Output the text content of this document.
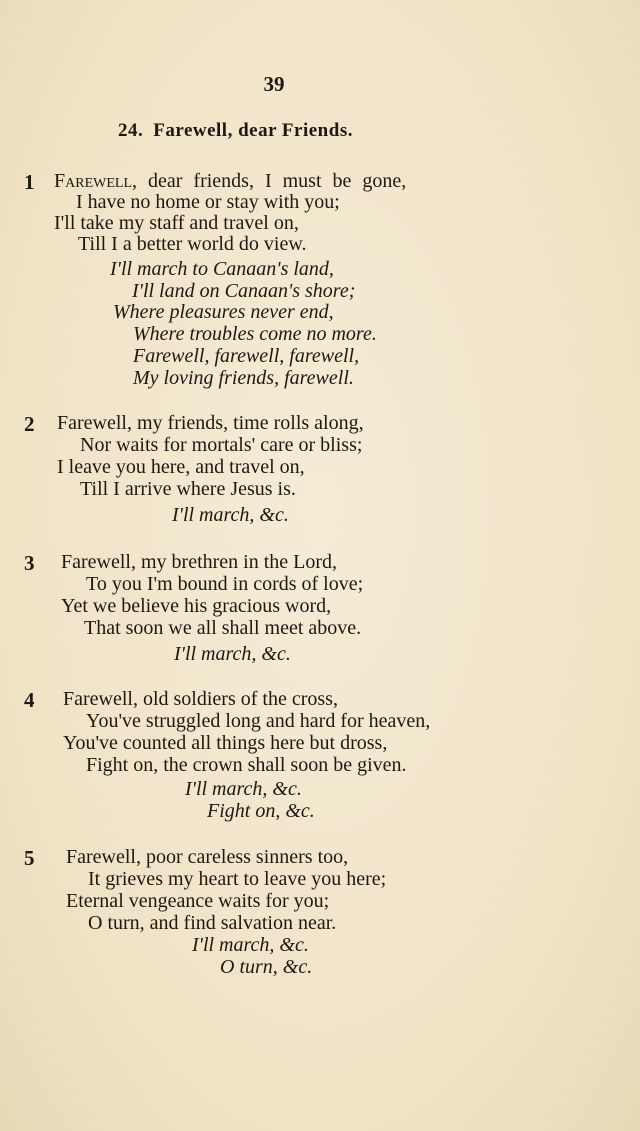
39
24. Farewell, dear Friends.
1 Farewell, dear friends, I must be gone,
I have no home or stay with you;
I'll take my staff and travel on,
Till I a better world do view.
I'll march to Canaan's land,
I'll land on Canaan's shore;
Where pleasures never end,
Where troubles come no more.
Farewell, farewell, farewell,
My loving friends, farewell.
2 Farewell, my friends, time rolls along,
Nor waits for mortals' care or bliss;
I leave you here, and travel on,
Till I arrive where Jesus is.
I'll march, &c.
3 Farewell, my brethren in the Lord,
To you I'm bound in cords of love;
Yet we believe his gracious word,
That soon we all shall meet above.
I'll march, &c.
4 Farewell, old soldiers of the cross,
You've struggled long and hard for heaven,
You've counted all things here but dross,
Fight on, the crown shall soon be given.
I'll march, &c.
Fight on, &c.
5 Farewell, poor careless sinners too,
It grieves my heart to leave you here;
Eternal vengeance waits for you;
O turn, and find salvation near.
I'll march, &c.
O turn, &c.
